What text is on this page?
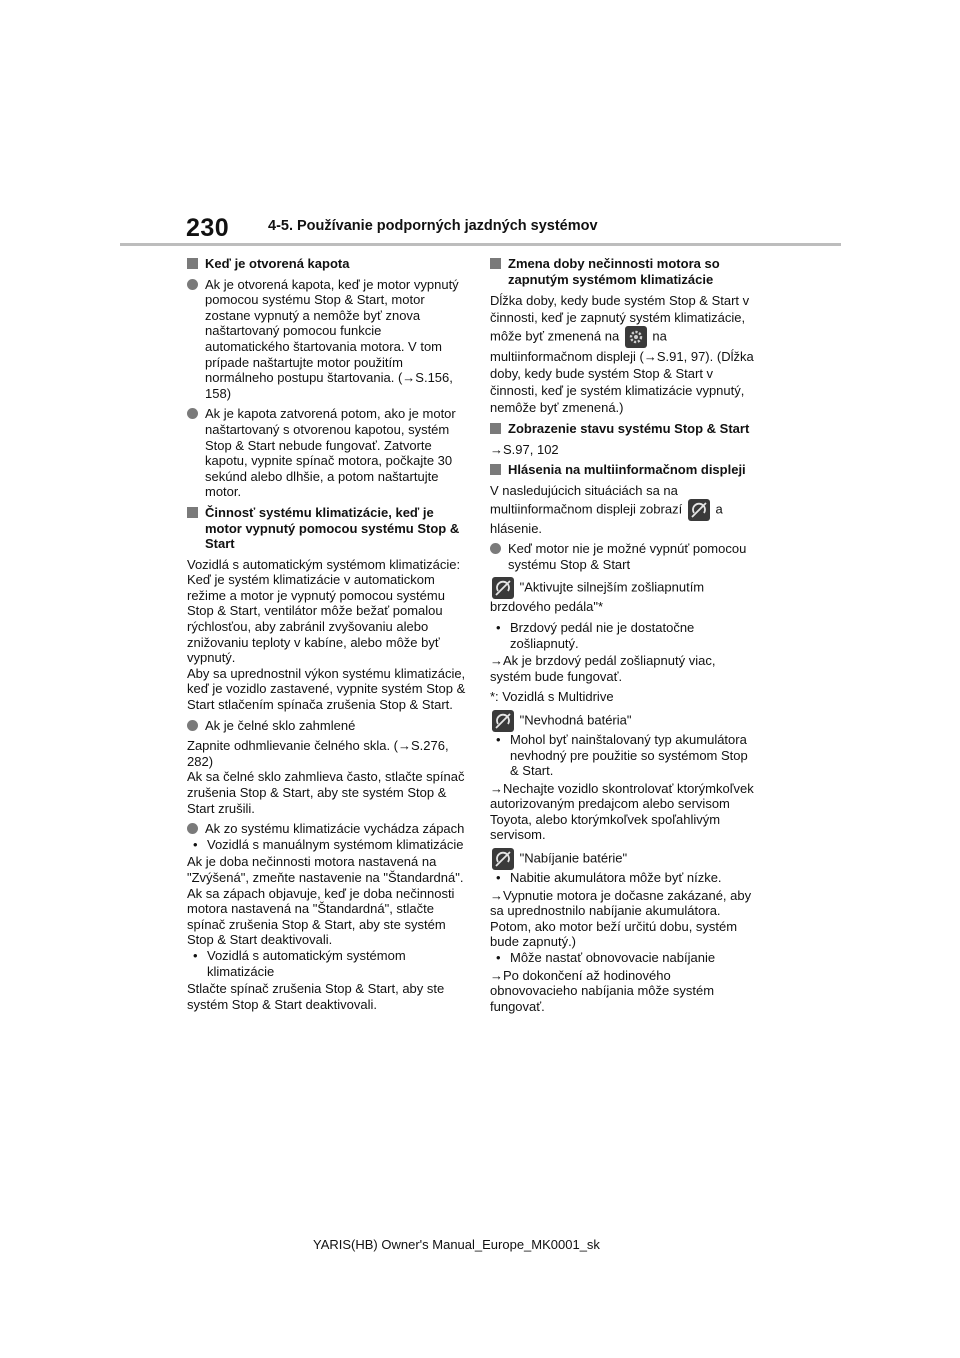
230	4-5. Používanie podporných jazdných systémov
Keď je otvorená kapota
Ak je otvorená kapota, keď je motor vypnutý pomocou systému Stop & Start, motor zostane vypnutý a nemôže byť znova naštartovaný pomocou funkcie automatického štartovania motora. V tom prípade naštartujte motor použitím normálneho postupu štartovania. (→S.156, 158)
Ak je kapota zatvorená potom, ako je motor naštartovaný s otvorenou kapotou, systém Stop & Start nebude fungovať. Zatvorte kapotu, vypnite spínač motora, počkajte 30 sekúnd alebo dlhšie, a potom naštartujte motor.
Činnosť systému klimatizácie, keď je motor vypnutý pomocou systému Stop & Start
Vozidlá s automatickým systémom klimatizácie: Keď je systém klimatizácie v automatickom režime a motor je vypnutý pomocou systému Stop & Start, ventilátor môže bežať pomalou rýchlosťou, aby zabránil zvyšovaniu alebo znižovaniu teploty v kabíne, alebo môže byť vypnutý.
Aby sa uprednostnil výkon systému klimatizácie, keď je vozidlo zastavené, vypnite systém Stop & Start stlačením spínača zrušenia Stop & Start.
Ak je čelné sklo zahmlené
Zapnite odhmlievanie čelného skla. (→S.276, 282)
Ak sa čelné sklo zahmlieva často, stlačte spínač zrušenia Stop & Start, aby ste systém Stop & Start zrušili.
Ak zo systému klimatizácie vychádza zápach
• Vozidlá s manuálnym systémom klimatizácie
Ak je doba nečinnosti motora nastavená na "Zvýšená", zmeňte nastavenie na "Štandardná". Ak sa zápach objavuje, keď je doba nečinnosti motora nastavená na "Štandardná", stlačte spínač zrušenia Stop & Start, aby ste systém Stop & Start deaktivovali.
• Vozidlá s automatickým systémom klimatizácie
Stlačte spínač zrušenia Stop & Start, aby ste systém Stop & Start deaktivovali.
Zmena doby nečinnosti motora so zapnutým systémom klimatizácie
Dĺžka doby, kedy bude systém Stop & Start v činnosti, keď je zapnutý systém klimatizácie, môže byť zmenená na	na multiinformačnom displeji (→S.91, 97). (Dĺžka doby, kedy bude systém Stop & Start v činnosti, keď je systém klimatizácie vypnutý, nemôže byť zmenená.)
Zobrazenie stavu systému Stop & Start
→S.97, 102
Hlásenia na multiinformačnom displeji
V nasledujúcich situáciách sa na multiinformačnom displeji zobrazí	a hlásenie.
Keď motor nie je možné vypnúť pomocou systému Stop & Start
"Aktivujte silnejším zošliapnutím brzdového pedála"*
• Brzdový pedál nie je dostatočne zošliapnutý.
→Ak je brzdový pedál zošliapnutý viac, systém bude fungovať.
*: Vozidlá s Multidrive
"Nevhodná batéria"
• Mohol byť nainštalovaný typ akumulátora nevhodný pre použitie so systémom Stop & Start.
→Nechajte vozidlo skontrolovať ktorýmkoľvek autorizovaným predajcom alebo servisom Toyota, alebo ktorýmkoľvek spoľahlivým servisom.
"Nabíjanie batérie"
• Nabitie akumulátora môže byť nízke.
→Vypnutie motora je dočasne zakázané, aby sa uprednostnilo nabíjanie akumulátora. Potom, ako motor beží určitú dobu, systém bude zapnutý.)
• Môže nastať obnovovacie nabíjanie
→Po dokončení až hodinového obnovovacieho nabíjania môže systém fungovať.
YARIS(HB) Owner's Manual_Europe_MK0001_sk
